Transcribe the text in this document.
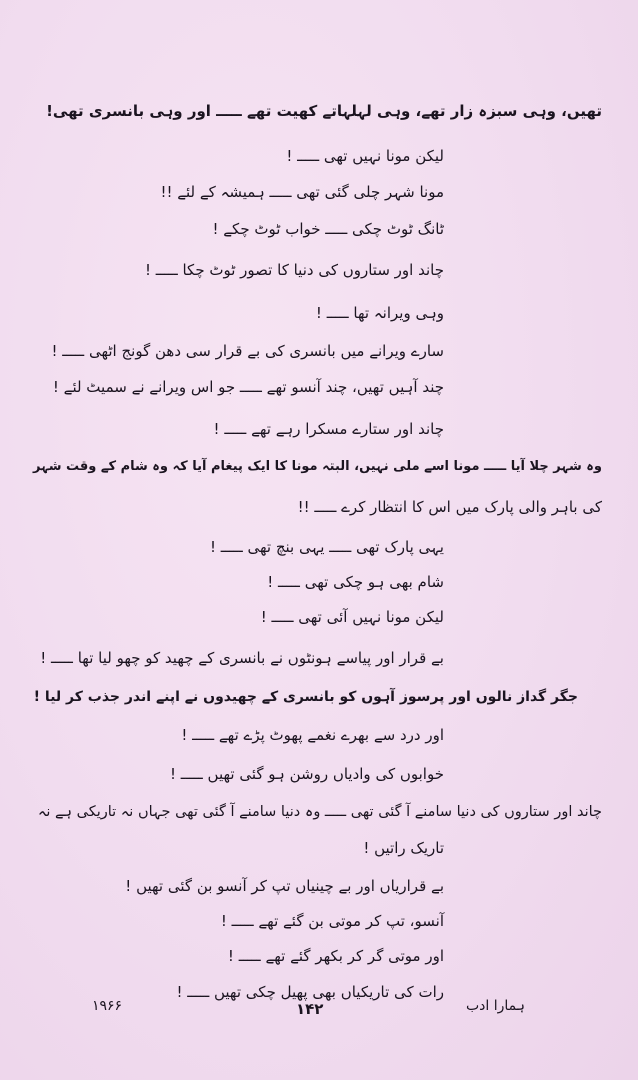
تھیں، وہی سبزہ زار تھے، وہی لہلہاتے کھیت تھے ـــــ اور وہی بانسری تھی!
لیکن مونا نہیں تھی ـــــ !
مونا شہر چلی گئی تھی ـــــ ہمیشہ کے لئے !!
ٹانگ ٹوٹ چکی ـــــ خواب ٹوٹ چکے !
چاند اور ستاروں کی دنیا کا تصور ٹوٹ چکا ـــــ !
وہی ویرانہ تھا ـــــ !
سارے ویرانے میں بانسری کی بے قرار سی دھن گونج اٹھی ـــــ !
چند آہیں تھیں، چند آنسو تھے ـــــ جو اس ویرانے نے سمیٹ لئے !
چاند اور ستارے مسکرا رہے تھے ـــــ !
وہ شہر چلا آیا ـــــ مونا اسے ملی نہیں، البتہ مونا کا ایک پیغام آیا کہ وہ شام کے وقت شہر
کی باہر والی پارک میں اس کا انتظار کرے ـــــ !!
یہی پارک تھی ـــــ یہی بنچ تھی ـــــ !
شام بھی ہو چکی تھی ـــــ !
لیکن مونا نہیں آئی تھی ـــــ !
بے قرار اور پیاسے ہونٹوں نے بانسری کے چھید کو چھو لیا تھا ـــــ !
جگر گداز نالوں اور پرسوز آہوں کو بانسری کے چھیدوں نے اپنے اندر جذب کر لیا !
اور درد سے بھرے نغمے پھوٹ پڑے تھے ـــــ !
خوابوں کی وادیاں روشن ہو گئی تھیں ـــــ !
چاند اور ستاروں کی دنیا سامنے آ گئی تھی ـــــ وہ دنیا سامنے آ گئی تھی جہاں نہ تاریکی ہے نہ
تاریک راتیں !
بے قراریاں اور بے چینیاں تپ کر آنسو بن گئی تھیں !
آنسو، تپ کر موتی بن گئے تھے ـــــ !
اور موتی گر کر بکھر گئے تھے ـــــ !
رات کی تاریکیاں بھی پھیل چکی تھیں ـــــ !
۱۹۶۶	۱۴۲	ہمارا ادب
